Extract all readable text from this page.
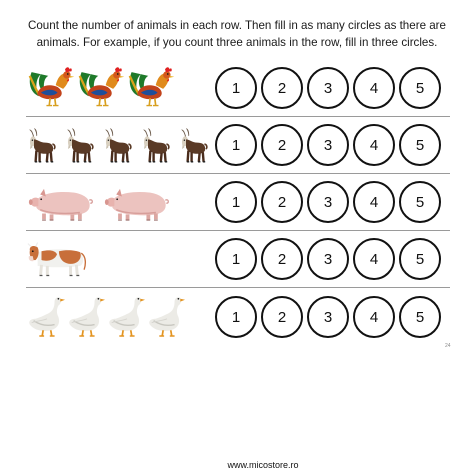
Count the number of animals in each row. Then fill in as many circles as there are
animals. For example, if you count three animals in the row, fill in three circles.
1	2	3	4	5
1	2	3	4	5
1	2	3	4	5
1	2	3	4	5
1	2	3	4	5
24
www.micostore.ro
